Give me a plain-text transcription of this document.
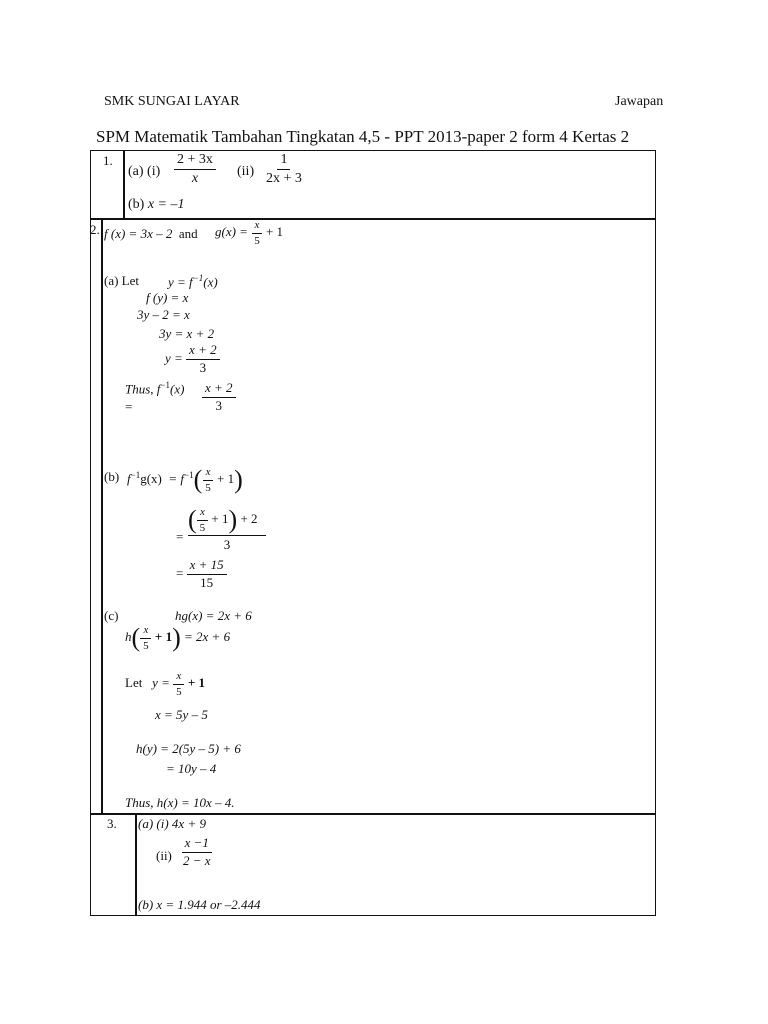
SMK SUNGAI LAYAR	Jawapan
SPM Matematik Tambahan Tingkatan 4,5 - PPT 2013-paper 2 form 4 Kertas 2
1.
(a) $(i) \frac{2 + 3x}{x} (ii) \frac{1}{2x + 3}$
(b) x = –1
2. f (x) = 3x – 2 and $g(x) = \frac{x}{5} + 1$
(a) Let $y = f^{-1}(x)$
f (y) = x
3y – 2 = x
3y = x + 2
$y = \frac{x + 2}{3}$
Thus, $f^{-1}(x)$
=	$\frac{x + 2}{3}$
(b) $f^{-1}g(x) = f^{-1}( \frac{x}{5} + 1)$
=
( $\frac{x}{5} + 1) + 2$
3
= $\frac{x + 15}{15}$
(c)	hg(x) = 2x + 6
$h( \frac{x}{5} + 1) = 2x + 6$
Let $y = \frac{x}{5} + 1$
x = 5y – 5
h(y) = 2(5y – 5) + 6
= 10y – 4
Thus, h(x) = 10x – 4.
3. (a) (i) 4x + 9
$(ii) \frac{x -1}{2 - x}$
(b) x = 1.944 or –2.444
